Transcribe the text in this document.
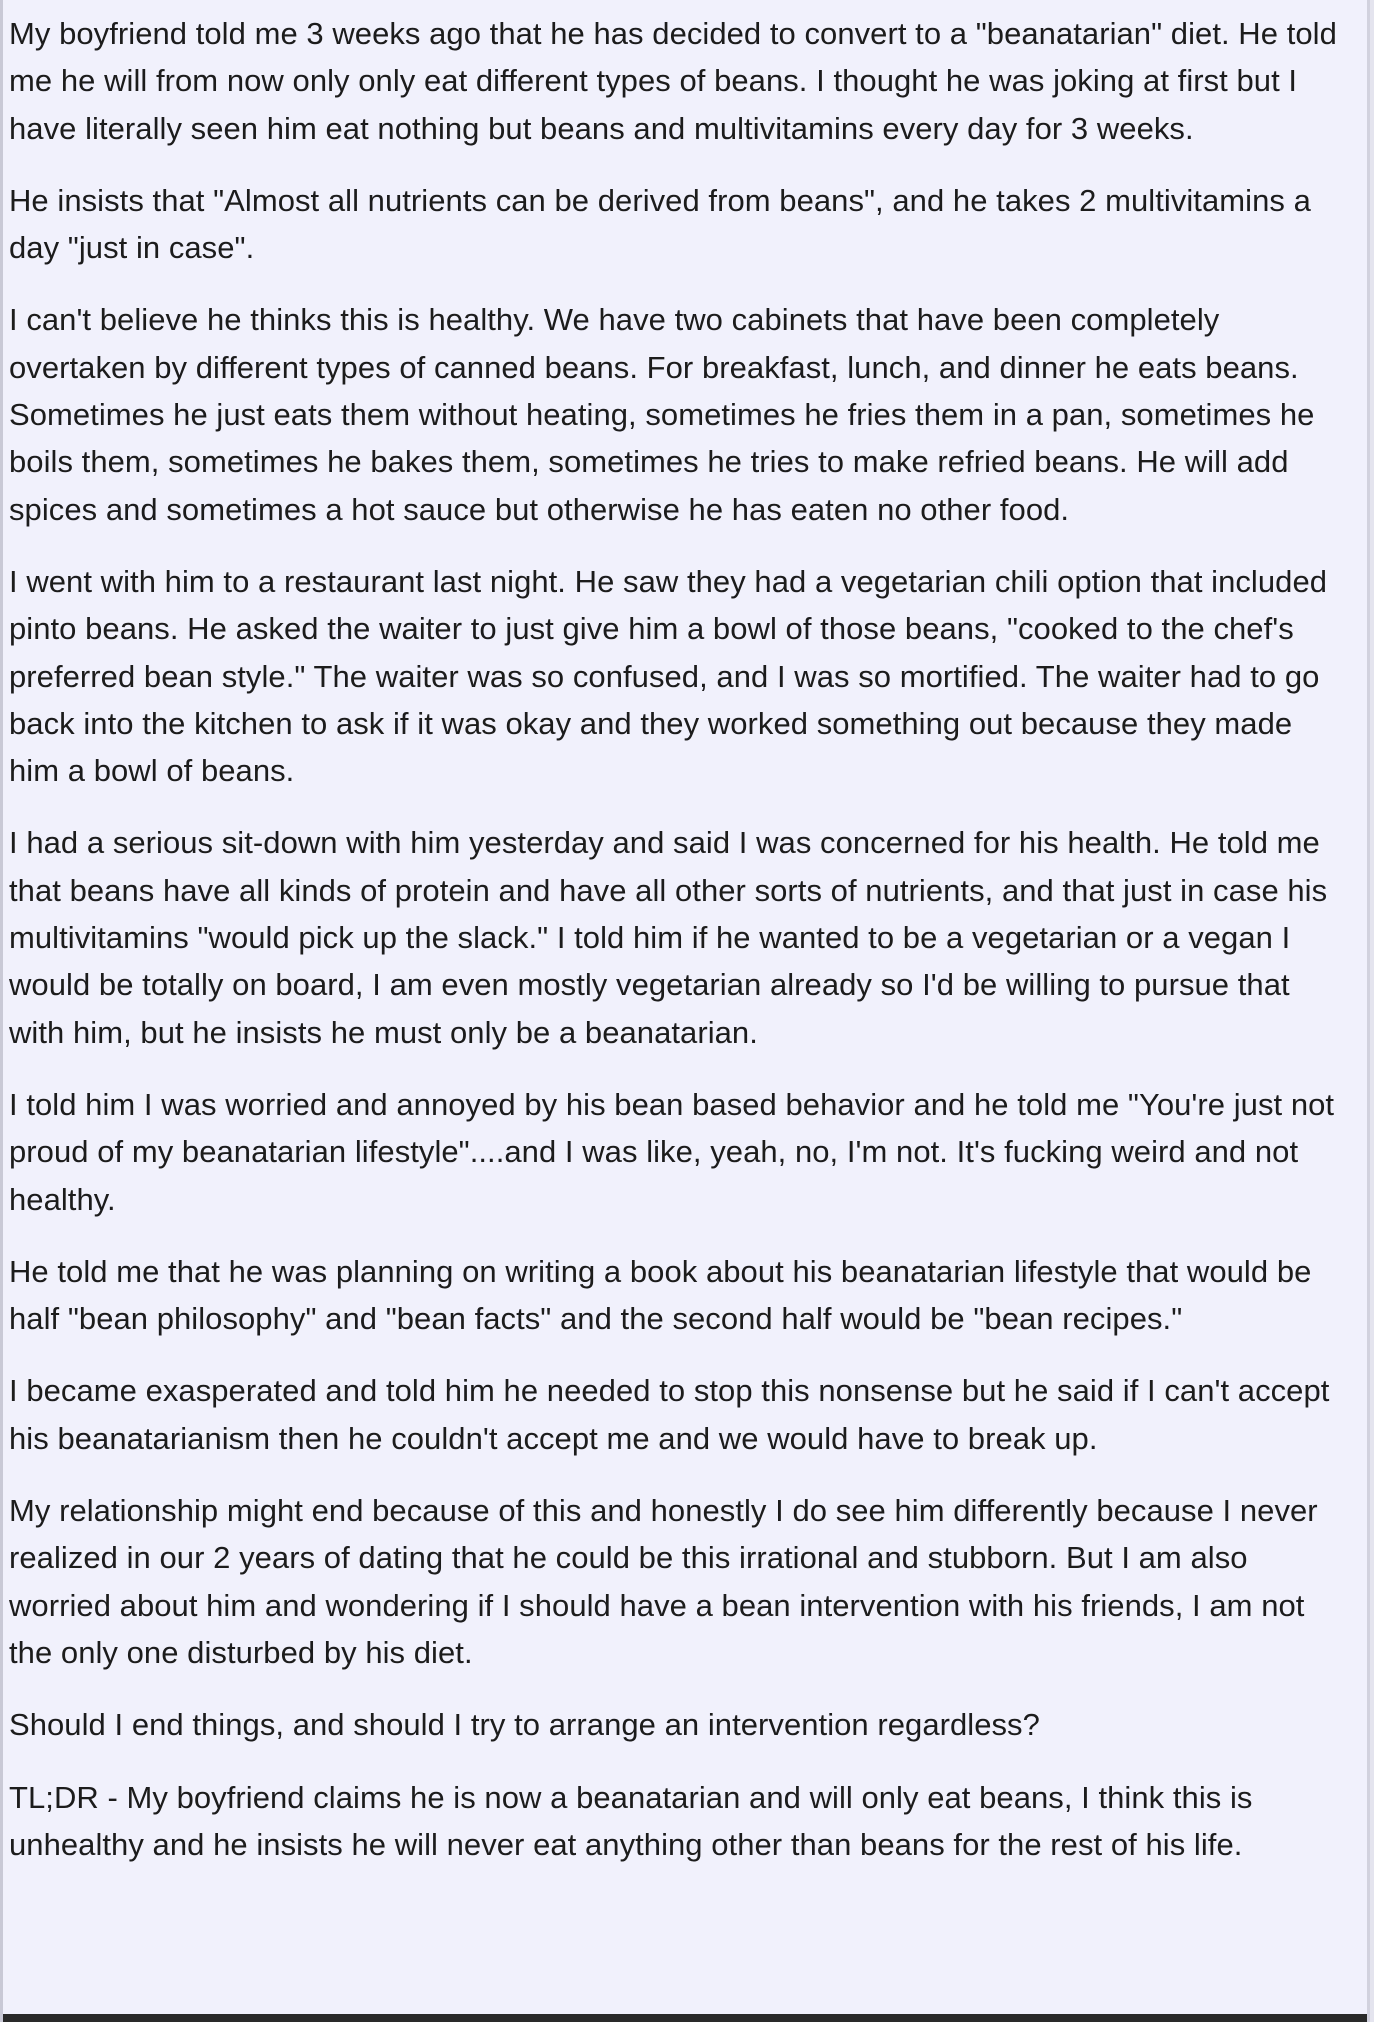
My boyfriend told me 3 weeks ago that he has decided to convert to a "beanatarian" diet. He told me he will from now only only eat different types of beans. I thought he was joking at first but I have literally seen him eat nothing but beans and multivitamins every day for 3 weeks.

He insists that "Almost all nutrients can be derived from beans", and he takes 2 multivitamins a day "just in case".

I can't believe he thinks this is healthy. We have two cabinets that have been completely overtaken by different types of canned beans. For breakfast, lunch, and dinner he eats beans. Sometimes he just eats them without heating, sometimes he fries them in a pan, sometimes he boils them, sometimes he bakes them, sometimes he tries to make refried beans. He will add spices and sometimes a hot sauce but otherwise he has eaten no other food.

I went with him to a restaurant last night. He saw they had a vegetarian chili option that included pinto beans. He asked the waiter to just give him a bowl of those beans, "cooked to the chef's preferred bean style." The waiter was so confused, and I was so mortified. The waiter had to go back into the kitchen to ask if it was okay and they worked something out because they made him a bowl of beans.

I had a serious sit-down with him yesterday and said I was concerned for his health. He told me that beans have all kinds of protein and have all other sorts of nutrients, and that just in case his multivitamins "would pick up the slack." I told him if he wanted to be a vegetarian or a vegan I would be totally on board, I am even mostly vegetarian already so I'd be willing to pursue that with him, but he insists he must only be a beanatarian.

I told him I was worried and annoyed by his bean based behavior and he told me "You're just not proud of my beanatarian lifestyle"....and I was like, yeah, no, I'm not. It's fucking weird and not healthy.

He told me that he was planning on writing a book about his beanatarian lifestyle that would be half "bean philosophy" and "bean facts" and the second half would be "bean recipes."

I became exasperated and told him he needed to stop this nonsense but he said if I can't accept his beanatarianism then he couldn't accept me and we would have to break up.

My relationship might end because of this and honestly I do see him differently because I never realized in our 2 years of dating that he could be this irrational and stubborn. But I am also worried about him and wondering if I should have a bean intervention with his friends, I am not the only one disturbed by his diet.

Should I end things, and should I try to arrange an intervention regardless?

TL;DR - My boyfriend claims he is now a beanatarian and will only eat beans, I think this is unhealthy and he insists he will never eat anything other than beans for the rest of his life.
